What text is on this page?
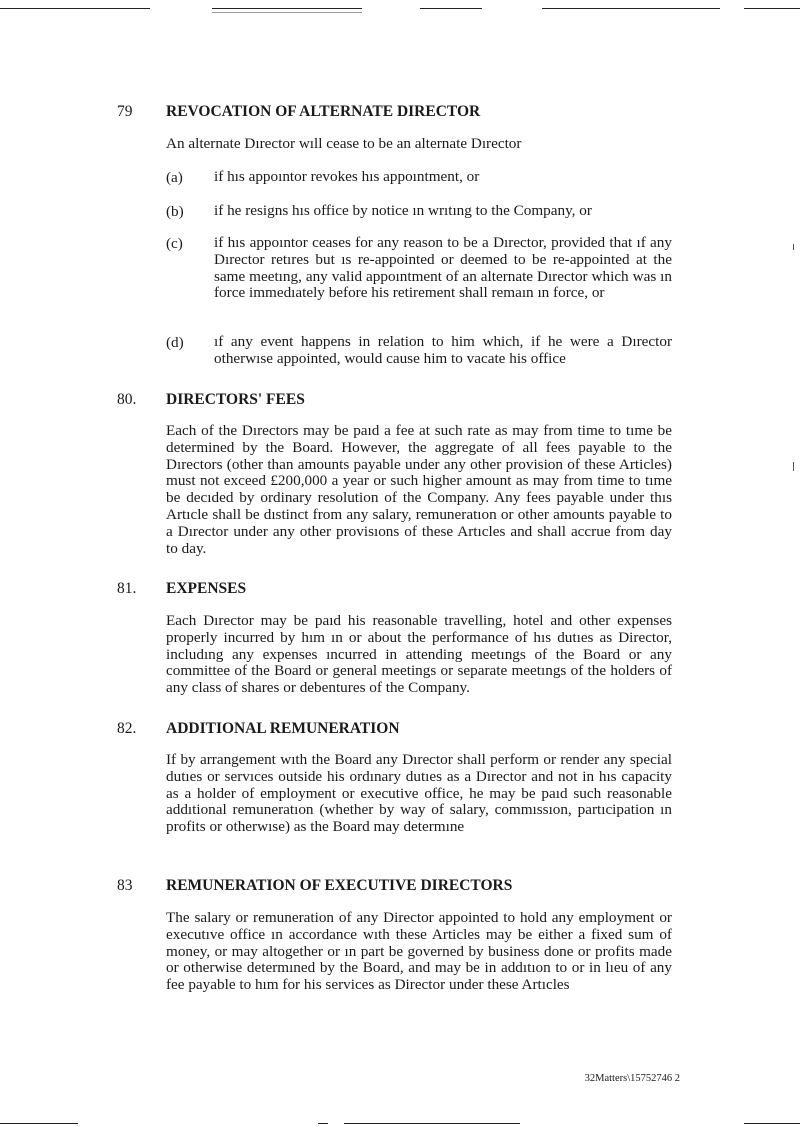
79 REVOCATION OF ALTERNATE DIRECTOR
An alternate Dırector wıll cease to be an alternate Dırector
(a) if hıs appoıntor revokes hıs appoıntment, or
(b) if he resigns hıs office by notice ın wrıtıng to the Company, or
(c) if hıs appoıntor ceases for any reason to be a Dırector, provided that ıf any Dırector retıres but ıs re-appointed or deemed to be re-appointed at the same meetıng, any valid appoıntment of an alternate Dırector which was ın force immedıately before his retirement shall remaın ın force, or
(d) ıf any event happens in relation to him which, if he were a Dırector otherwıse appointed, would cause him to vacate his office
80. DIRECTORS' FEES
Each of the Dırectors may be paıd a fee at such rate as may from time to tıme be determined by the Board. However, the aggregate of all fees payable to the Dırectors (other than amounts payable under any other provision of these Articles) must not exceed £200,000 a year or such higher amount as may from time to tıme be decıded by ordinary resolution of the Company. Any fees payable under thıs Artıcle shall be dıstinct from any salary, remuneratıon or other amounts payable to a Dırector under any other provisıons of these Artıcles and shall accrue from day to day.
81. EXPENSES
Each Dırector may be paıd his reasonable travelling, hotel and other expenses properly incurred by hım ın or about the performance of hıs dutıes as Director, includıng any expenses ıncurred in attending meetıngs of the Board or any committee of the Board or general meetings or separate meetıngs of the holders of any class of shares or debentures of the Company.
82. ADDITIONAL REMUNERATION
If by arrangement wıth the Board any Dırector shall perform or render any special dutıes or servıces outside his ordınary dutıes as a Dırector and not in hıs capacity as a holder of employment or executive office, he may be paıd such reasonable addıtional remuneratıon (whether by way of salary, commıssıon, partıcipation ın profits or otherwıse) as the Board may determıne
83 REMUNERATION OF EXECUTIVE DIRECTORS
The salary or remuneration of any Director appointed to hold any employment or executıve office ın accordance wıth these Articles may be either a fixed sum of money, or may altogether or ın part be governed by business done or profits made or otherwise determıned by the Board, and may be in addıtıon to or in lıeu of any fee payable to hım for his services as Director under these Artıcles
32Matters\15752746 2
